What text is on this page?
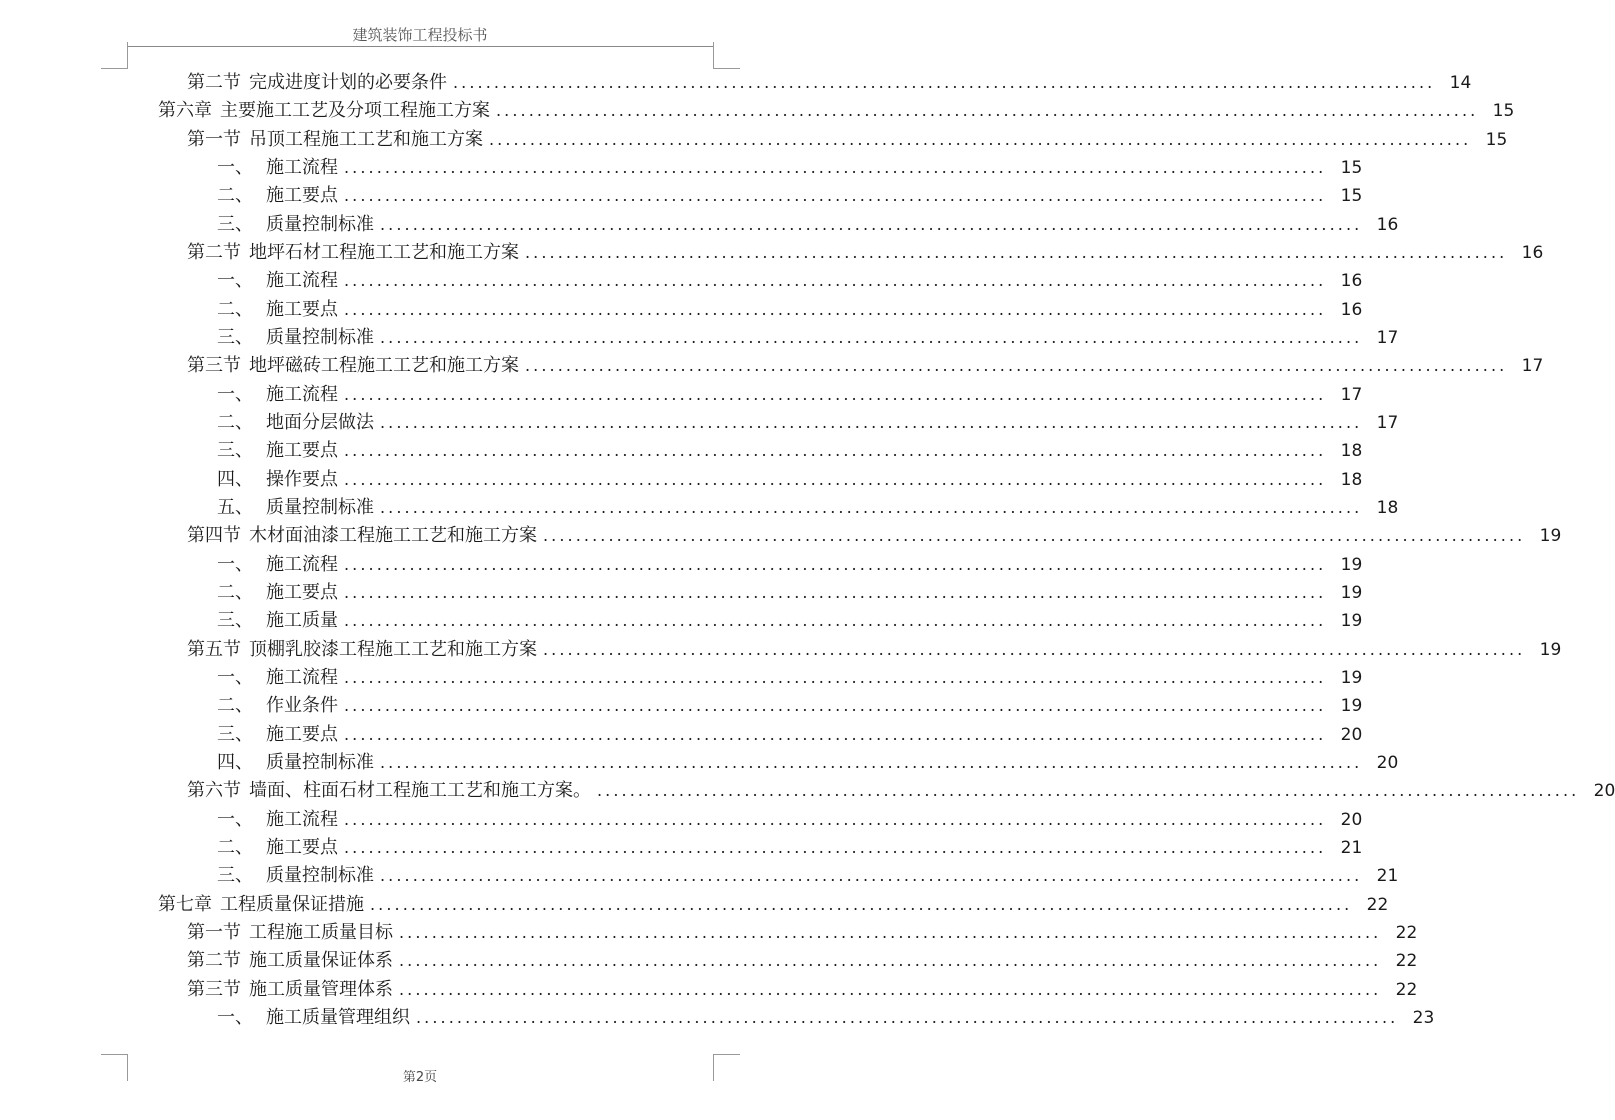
建筑装饰工程投标书
第二节 完成进度计划的必要条件 ........................................................................................................................ 14
第六章 主要施工工艺及分项工程施工方案 ........................................................................................................................ 15
第一节 吊顶工程施工工艺和施工方案 ........................................................................................................................ 15
一、 施工流程 ........................................................................................................................ 15
二、 施工要点 ........................................................................................................................ 15
三、 质量控制标准 ........................................................................................................................ 16
第二节 地坪石材工程施工工艺和施工方案 ........................................................................................................................ 16
一、 施工流程 ........................................................................................................................ 16
二、 施工要点 ........................................................................................................................ 16
三、 质量控制标准 ........................................................................................................................ 17
第三节 地坪磁砖工程施工工艺和施工方案 ........................................................................................................................ 17
一、 施工流程 ........................................................................................................................ 17
二、 地面分层做法 ........................................................................................................................ 17
三、 施工要点 ........................................................................................................................ 18
四、 操作要点 ........................................................................................................................ 18
五、 质量控制标准 ........................................................................................................................ 18
第四节 木材面油漆工程施工工艺和施工方案 ........................................................................................................................ 19
一、 施工流程 ........................................................................................................................ 19
二、 施工要点 ........................................................................................................................ 19
三、 施工质量 ........................................................................................................................ 19
第五节 顶棚乳胶漆工程施工工艺和施工方案 ........................................................................................................................ 19
一、 施工流程 ........................................................................................................................ 19
二、 作业条件 ........................................................................................................................ 19
三、 施工要点 ........................................................................................................................ 20
四、 质量控制标准 ........................................................................................................................ 20
第六节 墙面、柱面石材工程施工工艺和施工方案。 ........................................................................................................................ 20
一、 施工流程 ........................................................................................................................ 20
二、 施工要点 ........................................................................................................................ 21
三、 质量控制标准 ........................................................................................................................ 21
第七章 工程质量保证措施 ........................................................................................................................ 22
第一节 工程施工质量目标 ........................................................................................................................ 22
第二节 施工质量保证体系 ........................................................................................................................ 22
第三节 施工质量管理体系 ........................................................................................................................ 22
一、 施工质量管理组织 ........................................................................................................................ 23
第2页
